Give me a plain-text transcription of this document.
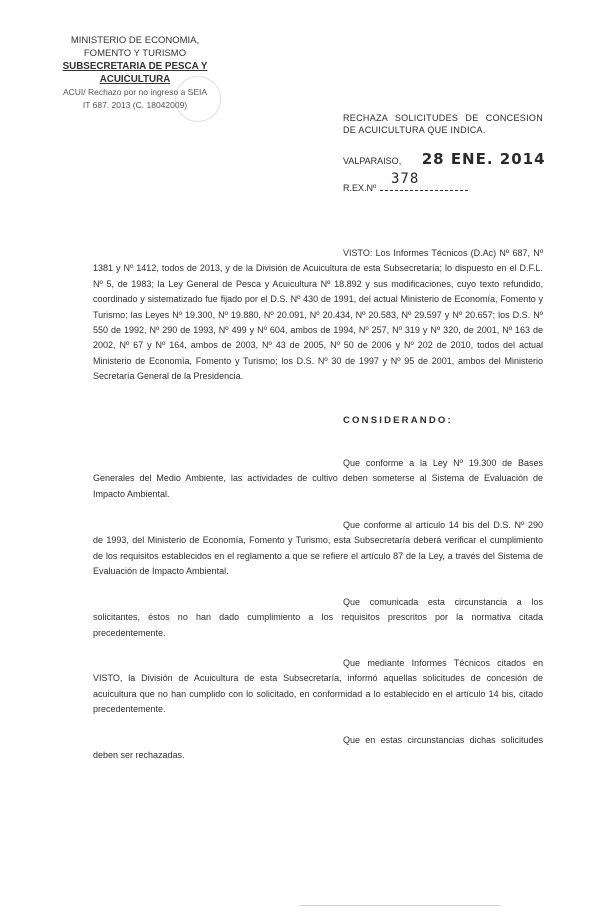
MINISTERIO DE ECONOMIA,
FOMENTO Y TURISMO
SUBSECRETARIA DE PESCA Y ACUICULTURA
ACUI/ Rechazo por no ingreso a SEIA
IT 687. 2013 (C. 18042009)
RECHAZA SOLICITUDES DE CONCESION DE ACUICULTURA QUE INDICA.
VALPARAISO, 28 ENE. 2014
378
R.EX.Nº
VISTO: Los Informes Técnicos (D.Ac) Nº 687, Nº 1381 y Nº 1412, todos de 2013, y de la División de Acuicultura de esta Subsecretaría; lo dispuesto en el D.F.L. Nº 5, de 1983; la Ley General de Pesca y Acuicultura Nº 18.892 y sus modificaciones, cuyo texto refundido, coordinado y sistematizado fue fijado por el D.S. Nº 430 de 1991, del actual Ministerio de Economía, Fomento y Turismo; las Leyes Nº 19.300, Nº 19.880, Nº 20.091, Nº 20.434, Nº 20.583, Nº 29.597 y Nº 20.657; los D.S. Nº 550 de 1992, Nº 290 de 1993, Nº 499 y Nº 604, ambos de 1994, Nº 257, Nº 319 y Nº 320, de 2001, Nº 163 de 2002, Nº 67 y Nº 164, ambos de 2003, Nº 43 de 2005, Nº 50 de 2006 y Nº 202 de 2010, todos del actual Ministerio de Economía, Fomento y Turismo; los D.S. Nº 30 de 1997 y Nº 95 de 2001, ambos del Ministerio Secretaría General de la Presidencia.
CONSIDERANDO:
Que conforme a la Ley Nº 19.300 de Bases Generales del Medio Ambiente, las actividades de cultivo deben someterse al Sistema de Evaluación de Impacto Ambiental.
Que conforme al artículo 14 bis del D.S. Nº 290 de 1993, del Ministerio de Economía, Fomento y Turismo, esta Subsecretaría deberá verificar el cumplimiento de los requisitos establecidos en el reglamento a que se refiere el artículo 87 de la Ley, a través del Sistema de Evaluación de Impacto Ambiental.
Que comunicada esta circunstancia a los solicitantes, éstos no han dado cumplimiento a los requisitos prescritos por la normativa citada precedentemente.
Que mediante Informes Técnicos citados en VISTO, la División de Acuicultura de esta Subsecretaría, informó aquellas solicitudes de concesión de acuicultura que no han cumplido con lo solicitado, en conformidad a lo establecido en el artículo 14 bis, citado precedentemente.
Que en estas circunstancias dichas solicitudes deben ser rechazadas.
